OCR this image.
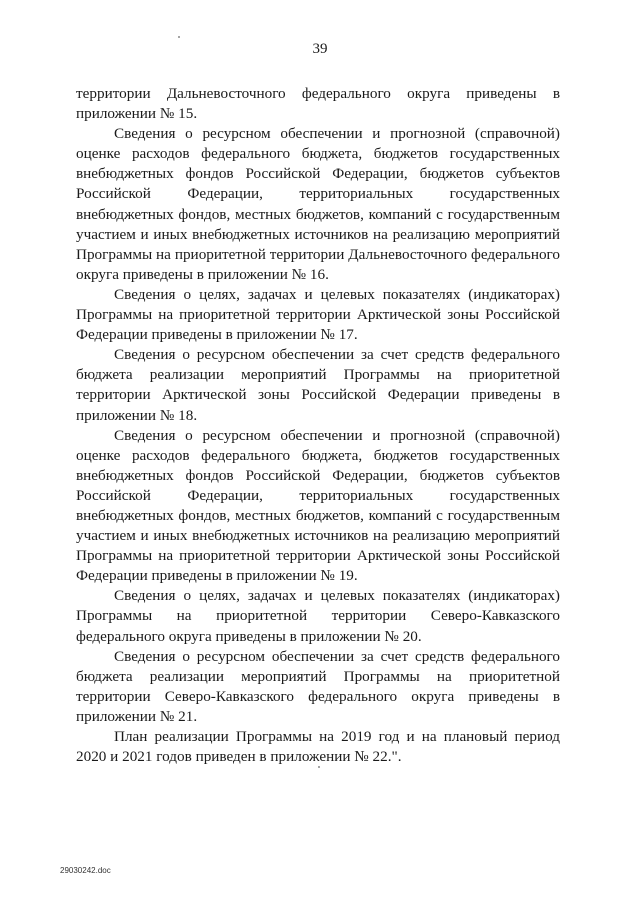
39

территории Дальневосточного федерального округа приведены в приложении № 15.

Сведения о ресурсном обеспечении и прогнозной (справочной) оценке расходов федерального бюджета, бюджетов государственных внебюджетных фондов Российской Федерации, бюджетов субъектов Российской Федерации, территориальных государственных внебюджетных фондов, местных бюджетов, компаний с государственным участием и иных внебюджетных источников на реализацию мероприятий Программы на приоритетной территории Дальневосточного федерального округа приведены в приложении № 16.

Сведения о целях, задачах и целевых показателях (индикаторах) Программы на приоритетной территории Арктической зоны Российской Федерации приведены в приложении № 17.

Сведения о ресурсном обеспечении за счет средств федерального бюджета реализации мероприятий Программы на приоритетной территории Арктической зоны Российской Федерации приведены в приложении № 18.

Сведения о ресурсном обеспечении и прогнозной (справочной) оценке расходов федерального бюджета, бюджетов государственных внебюджетных фондов Российской Федерации, бюджетов субъектов Российской Федерации, территориальных государственных внебюджетных фондов, местных бюджетов, компаний с государственным участием и иных внебюджетных источников на реализацию мероприятий Программы на приоритетной территории Арктической зоны Российской Федерации приведены в приложении № 19.

Сведения о целях, задачах и целевых показателях (индикаторах) Программы на приоритетной территории Северо-Кавказского федерального округа приведены в приложении № 20.

Сведения о ресурсном обеспечении за счет средств федерального бюджета реализации мероприятий Программы на приоритетной территории Северо-Кавказского федерального округа приведены в приложении № 21.

План реализации Программы на 2019 год и на плановый период 2020 и 2021 годов приведен в приложении № 22.".

29030242.doc
